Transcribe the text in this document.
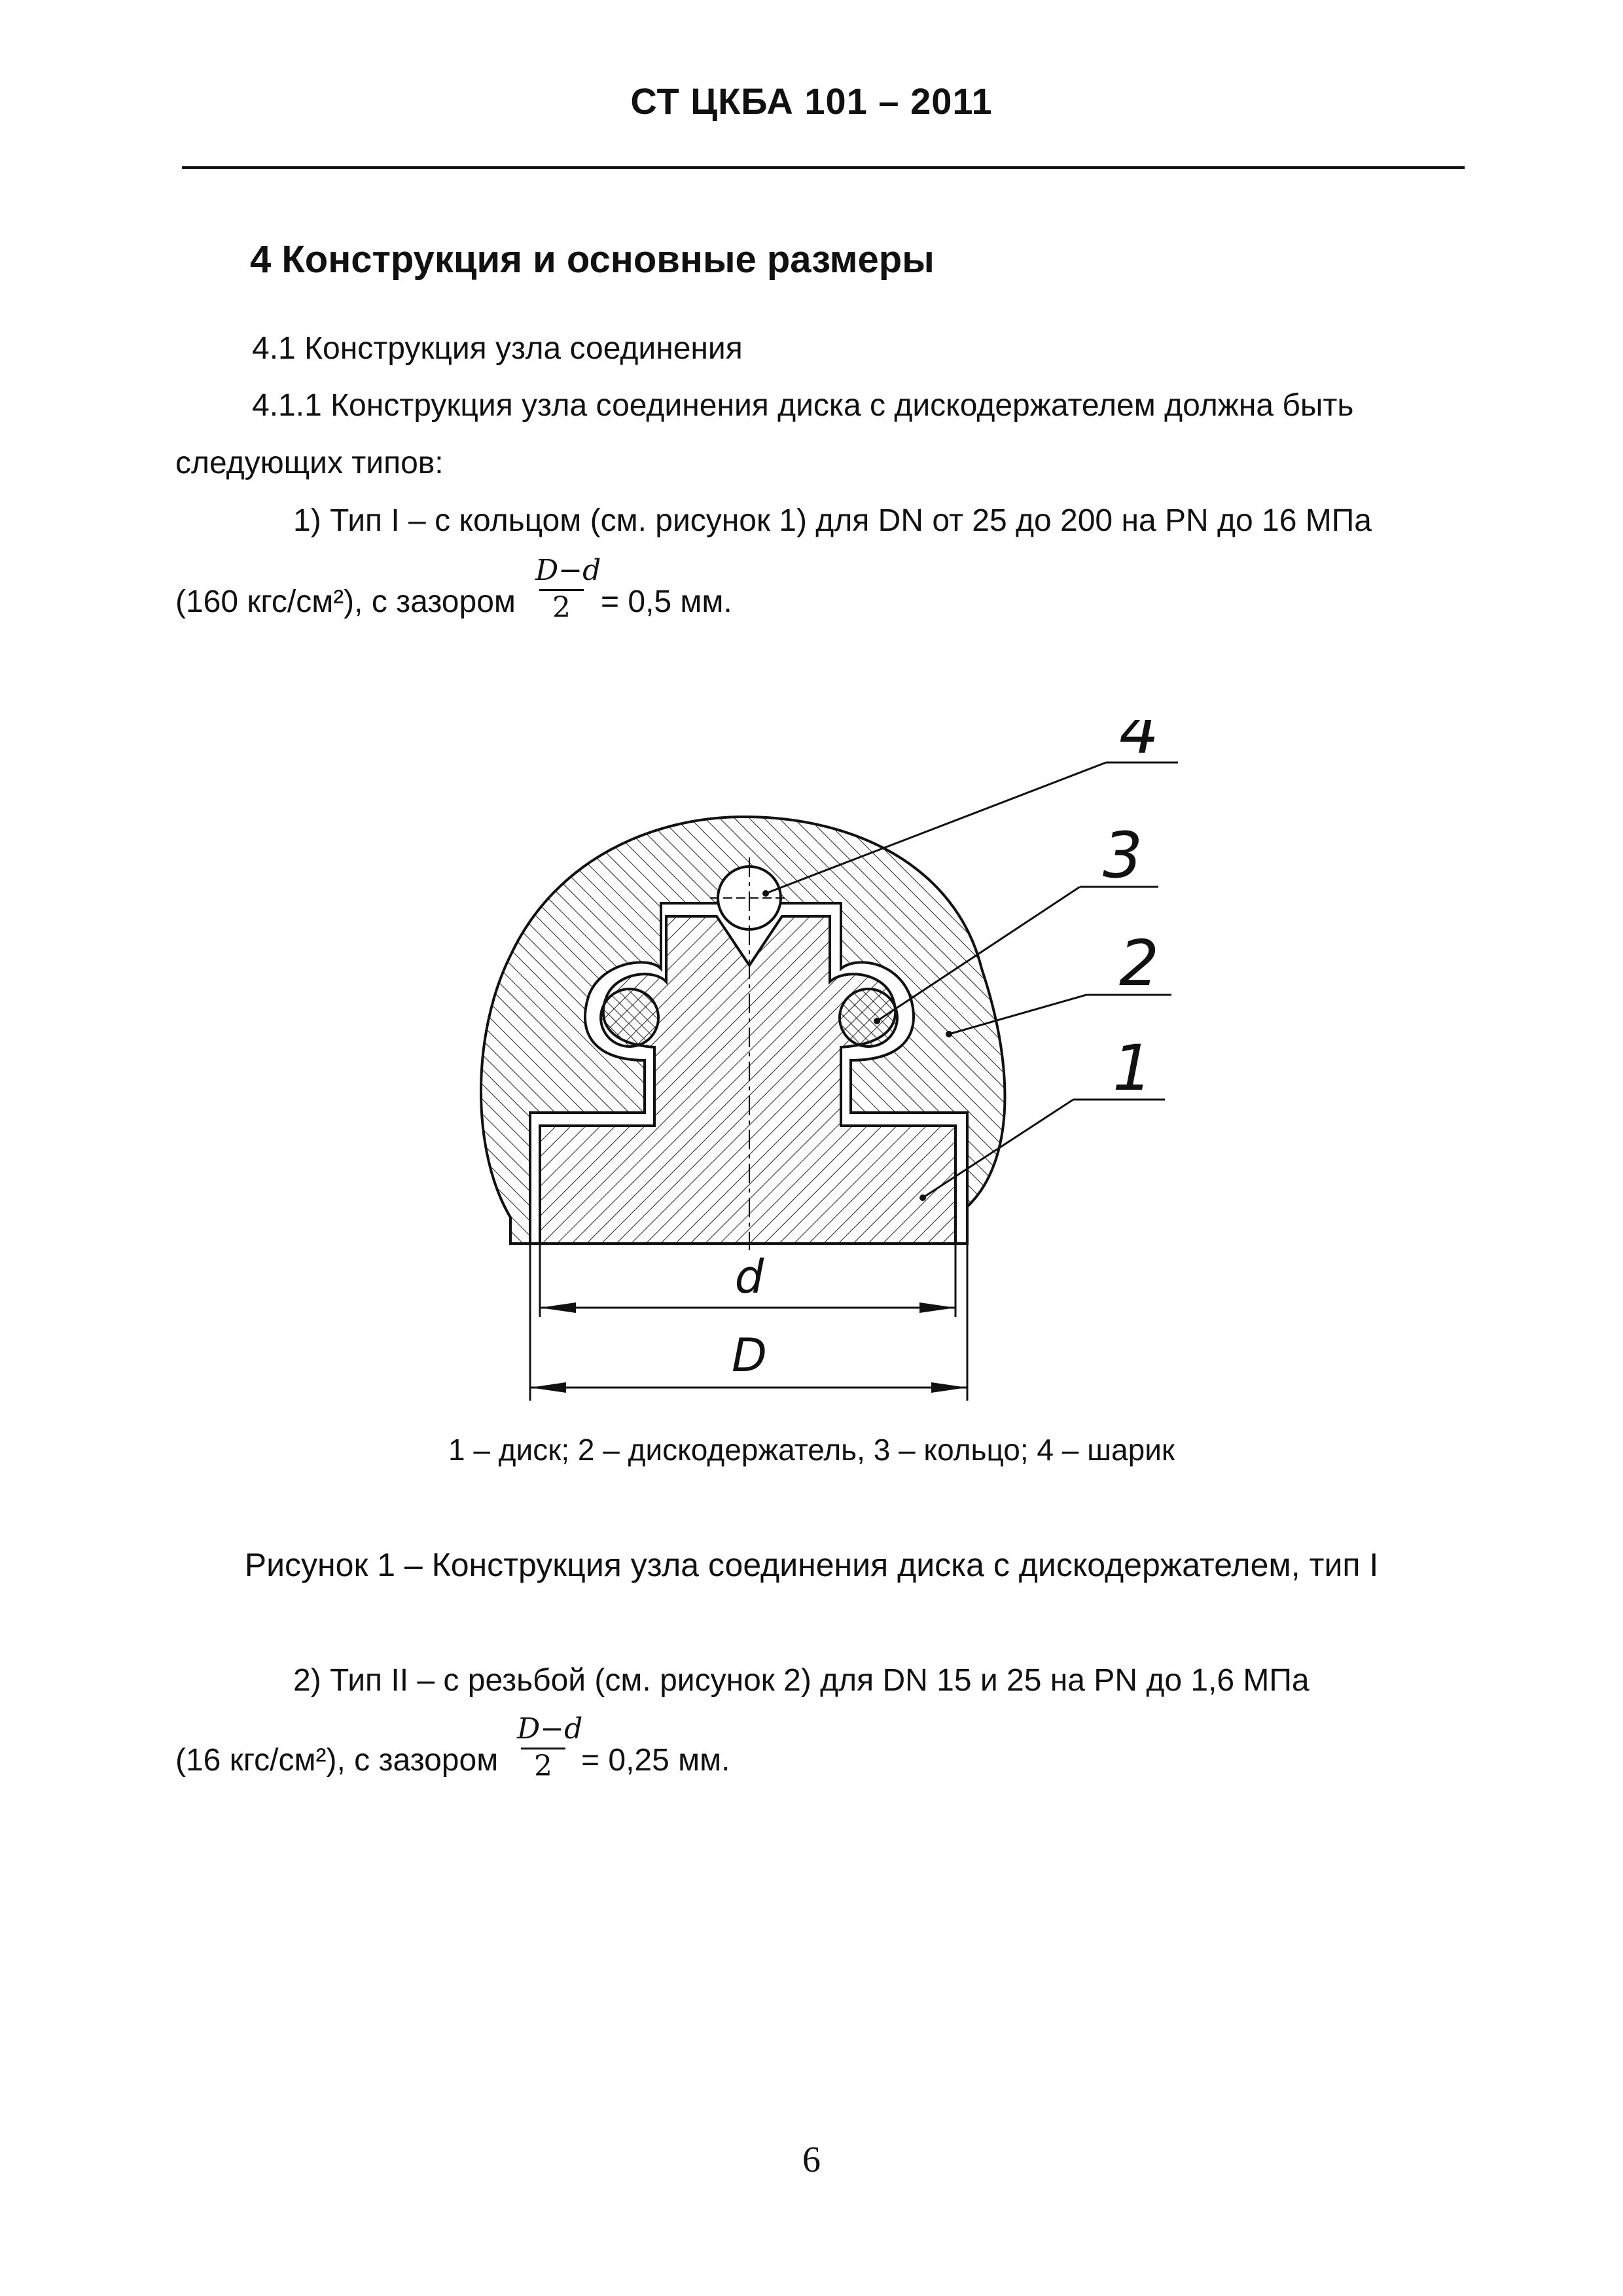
СТ ЦКБА 101 – 2011
4 Конструкция и основные размеры
4.1 Конструкция узла соединения
4.1.1 Конструкция узла соединения диска с дискодержателем должна быть
следующих типов:
1) Тип I – с кольцом (см. рисунок 1) для DN от 25 до 200 на PN до 16 МПа
(160 кгс/см²), с зазором
D−d
2 = 0,5 мм.
d
D
4
3
2
1
1 – диск; 2 – дискодержатель, 3 – кольцо; 4 – шарик
Рисунок 1 – Конструкция узла соединения диска с дискодержателем, тип I
2) Тип II – с резьбой (см. рисунок 2) для DN 15 и 25 на PN до 1,6 МПа
(16 кгс/см²), с зазором
D−d
2 = 0,25 мм.
6
